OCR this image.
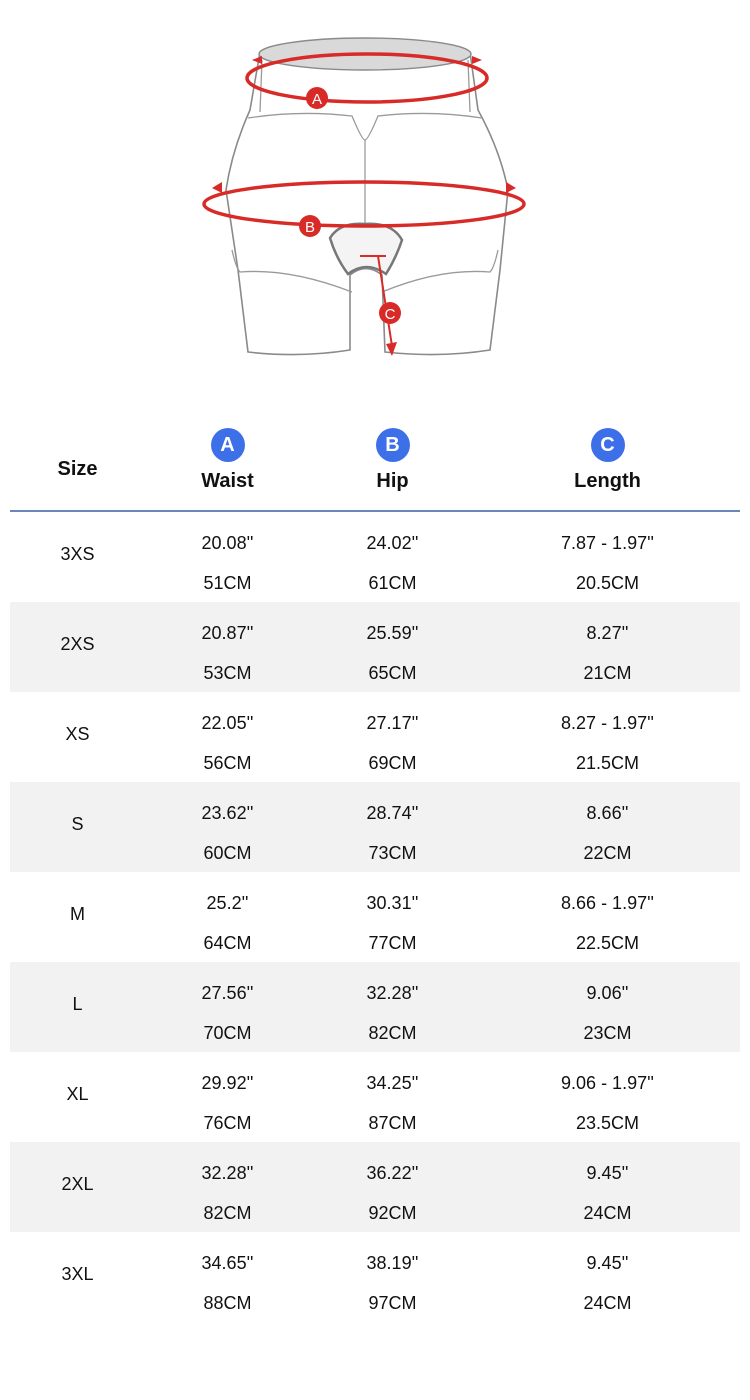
A
B
C
Size
A
Waist
B
Hip
C
Length
3XS
20.08''
51CM
24.02''
61CM
7.87 - 1.97''
20.5CM
2XS
20.87''
53CM
25.59''
65CM
8.27''
21CM
XS
22.05''
56CM
27.17''
69CM
8.27 - 1.97''
21.5CM
S
23.62''
60CM
28.74''
73CM
8.66''
22CM
M
25.2''
64CM
30.31''
77CM
8.66 - 1.97''
22.5CM
L
27.56''
70CM
32.28''
82CM
9.06''
23CM
XL
29.92''
76CM
34.25''
87CM
9.06 - 1.97''
23.5CM
2XL
32.28''
82CM
36.22''
92CM
9.45''
24CM
3XL
34.65''
88CM
38.19''
97CM
9.45''
24CM
